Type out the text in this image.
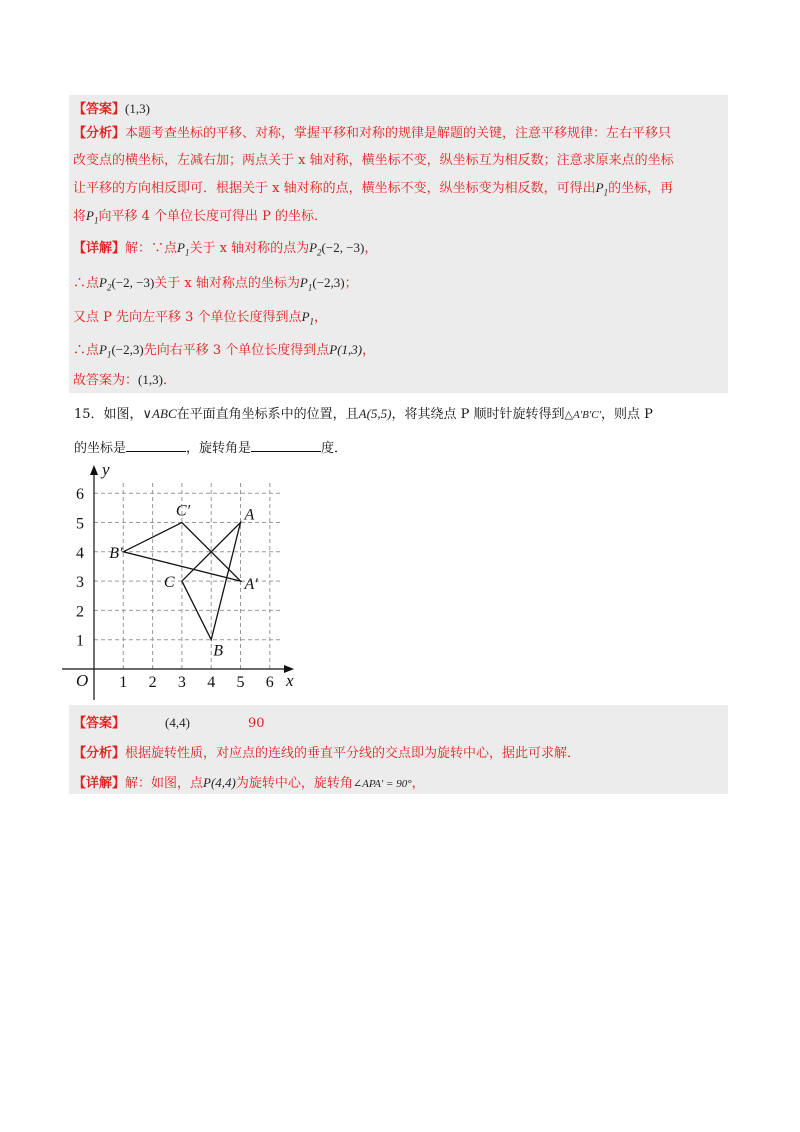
【答案】(1,3)
【分析】本题考查坐标的平移、对称，掌握平移和对称的规律是解题的关键，注意平移规律：左右平移只
改变点的横坐标，左减右加；两点关于 x 轴对称，横坐标不变，纵坐标互为相反数；注意求原来点的坐标
让平移的方向相反即可．根据关于 x 轴对称的点，横坐标不变，纵坐标变为相反数，可得出$P_1$的坐标，再
将$P_1$向平移 4 个单位长度可得出 P 的坐标．
【详解】解：∵点$P_1$关于 x 轴对称的点为$P_2(-2$, −3)，
∴点$P_2(-2$, −3)关于 x 轴对称点的坐标为$P_1(-2,3)$；
又点 P 先向左平移 3 个单位长度得到点$P_1$，
∴点$P_1(-2,3)$先向右平移 3 个单位长度得到点P(1,3)，
故答案为：(1,3)．
15．如图，∨ABC在平面直角坐标系中的位置，且A(5,5)，将其绕点 P 顺时针旋转得到△A′B′C′，则点 P
的坐标是	，旋转角是	度．
x
y
O 1 2 3 4 5 6
1
2
3
4
5
6
A
B
C	A′
B′
C′
【答案】	(4,4)	90
【分析】根据旋转性质，对应点的连线的垂直平分线的交点即为旋转中心，据此可求解．
【详解】解：如图，点P(4,4)为旋转中心，旋转角∠APA′ = 90°，
